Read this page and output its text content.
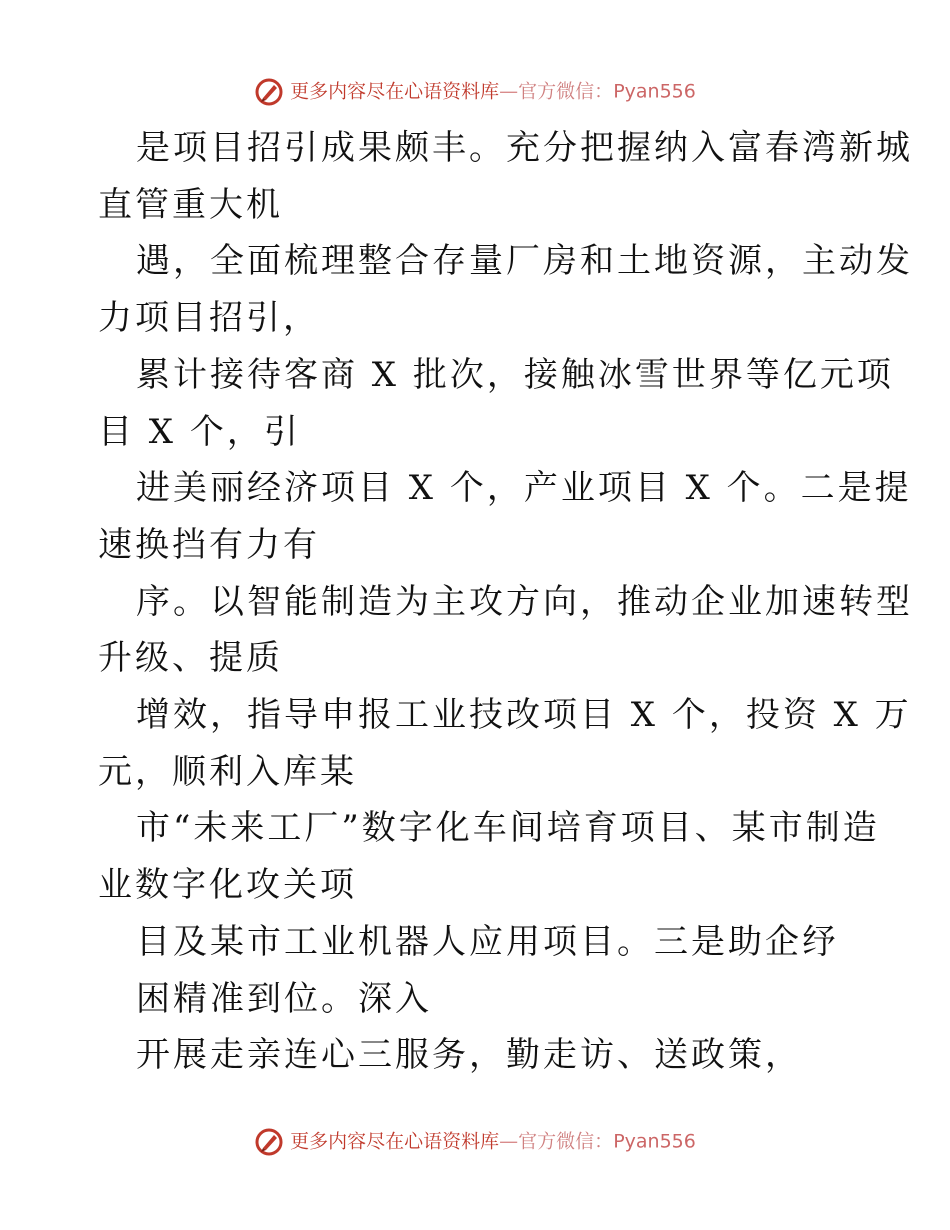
更多内容尽在心语资料库—官方微信：Pyan556
是项目招引成果颇丰。充分把握纳入富春湾新城
直管重大机
遇，全面梳理整合存量厂房和土地资源，主动发
力项目招引，
累计接待客商 X 批次，接触冰雪世界等亿元项
目 X 个，引
进美丽经济项目 X 个，产业项目 X 个。二是提
速换挡有力有
序。以智能制造为主攻方向，推动企业加速转型
升级、提质
增效，指导申报工业技改项目 X 个，投资 X 万
元，顺利入库某
市“未来工厂”数字化车间培育项目、某市制造
业数字化攻关项
目及某市工业机器人应用项目。三是助企纾
困精准到位。深入
开展走亲连心三服务，勤走访、送政策，
更多内容尽在心语资料库—官方微信：Pyan556
